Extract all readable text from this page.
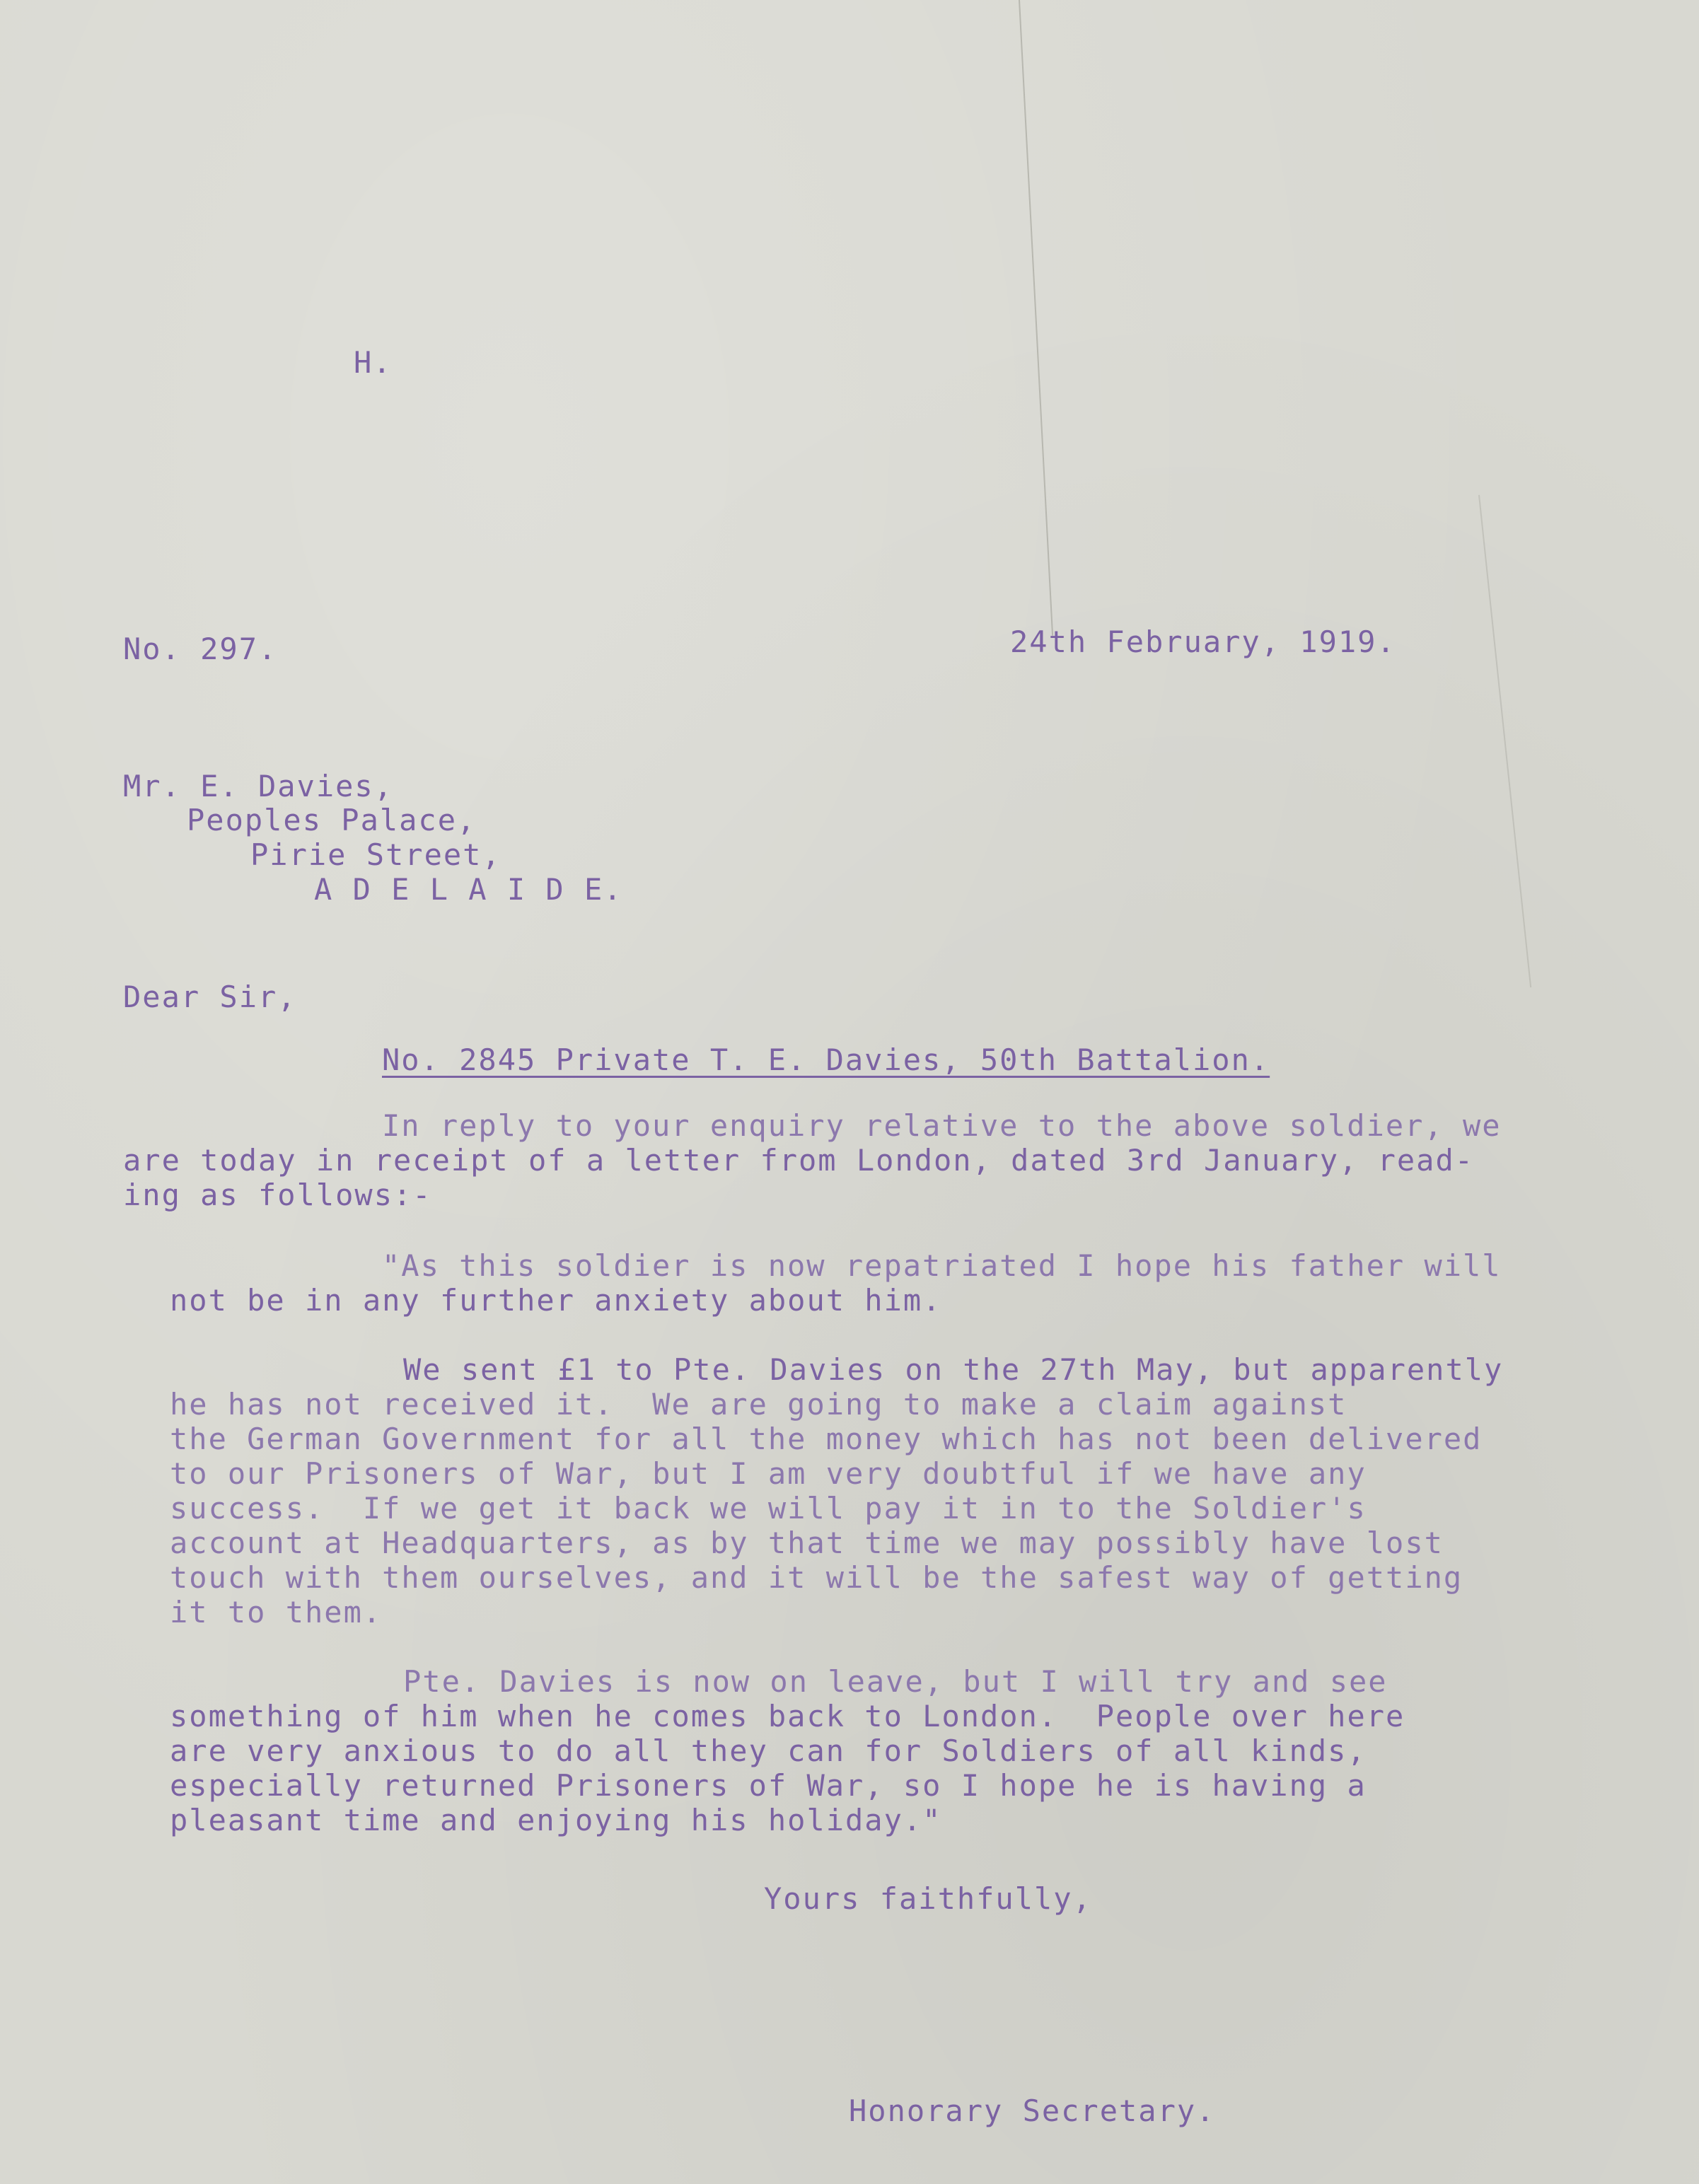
H.
No. 297.	24th February, 1919.
Mr. E. Davies,
Peoples Palace,
Pirie Street,
A D E L A I D E.
Dear Sir,
No. 2845 Private T. E. Davies, 50th Battalion.
In reply to your enquiry relative to the above soldier, we
are today in receipt of a letter from London, dated 3rd January, read-
ing as follows:-
"As this soldier is now repatriated I hope his father will
not be in any further anxiety about him.
We sent £1 to Pte. Davies on the 27th May, but apparently
he has not received it.  We are going to make a claim against
the German Government for all the money which has not been delivered
to our Prisoners of War, but I am very doubtful if we have any
success.  If we get it back we will pay it in to the Soldier's
account at Headquarters, as by that time we may possibly have lost
touch with them ourselves, and it will be the safest way of getting
it to them.
Pte. Davies is now on leave, but I will try and see
something of him when he comes back to London.  People over here
are very anxious to do all they can for Soldiers of all kinds,
especially returned Prisoners of War, so I hope he is having a
pleasant time and enjoying his holiday."
Yours faithfully,
Honorary Secretary.
